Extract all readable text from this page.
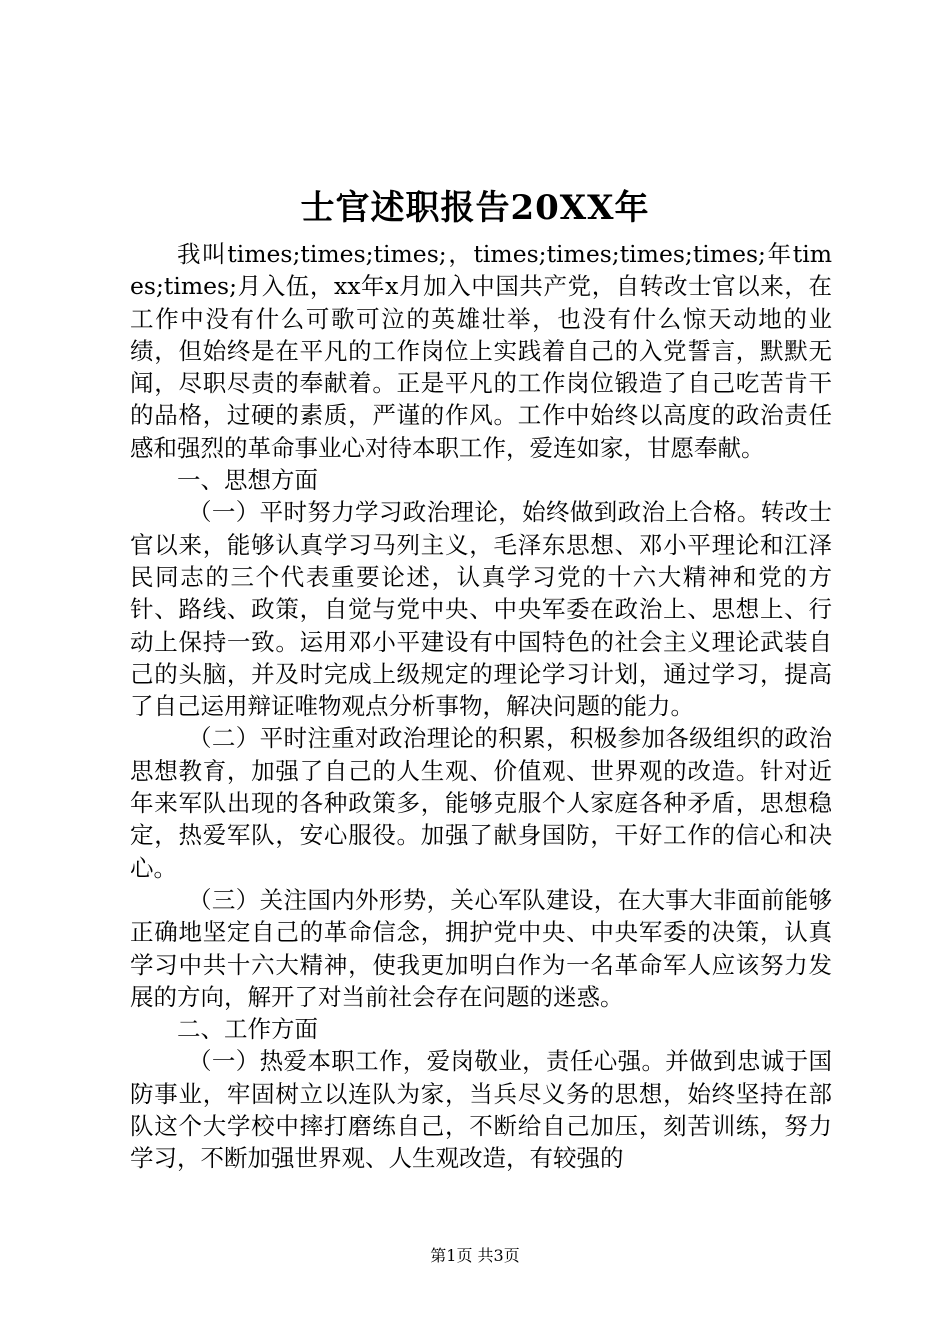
士官述职报告20XX年

我叫times;times;times;，times;times;times;times;年times;times;月入伍，xx年x月加入中国共产党，自转改士官以来，在工作中没有什么可歌可泣的英雄壮举，也没有什么惊天动地的业绩，但始终是在平凡的工作岗位上实践着自己的入党誓言，默默无闻，尽职尽责的奉献着。正是平凡的工作岗位锻造了自己吃苦肯干的品格，过硬的素质，严谨的作风。工作中始终以高度的政治责任感和强烈的革命事业心对待本职工作，爱连如家，甘愿奉献。

一、思想方面

（一）平时努力学习政治理论，始终做到政治上合格。转改士官以来，能够认真学习马列主义，毛泽东思想、邓小平理论和江泽民同志的三个代表重要论述，认真学习党的十六大精神和党的方针、路线、政策，自觉与党中央、中央军委在政治上、思想上、行动上保持一致。运用邓小平建设有中国特色的社会主义理论武装自己的头脑，并及时完成上级规定的理论学习计划，通过学习，提高了自己运用辩证唯物观点分析事物，解决问题的能力。

（二）平时注重对政治理论的积累，积极参加各级组织的政治思想教育，加强了自己的人生观、价值观、世界观的改造。针对近年来军队出现的各种政策多，能够克服个人家庭各种矛盾，思想稳定，热爱军队，安心服役。加强了献身国防，干好工作的信心和决心。

（三）关注国内外形势，关心军队建设，在大事大非面前能够正确地坚定自己的革命信念，拥护党中央、中央军委的决策，认真学习中共十六大精神，使我更加明白作为一名革命军人应该努力发展的方向，解开了对当前社会存在问题的迷惑。

二、工作方面

（一）热爱本职工作，爱岗敬业，责任心强。并做到忠诚于国防事业，牢固树立以连队为家，当兵尽义务的思想，始终坚持在部队这个大学校中摔打磨练自己，不断给自己加压，刻苦训练，努力学习，不断加强世界观、人生观改造，有较强的

第1页 共3页
